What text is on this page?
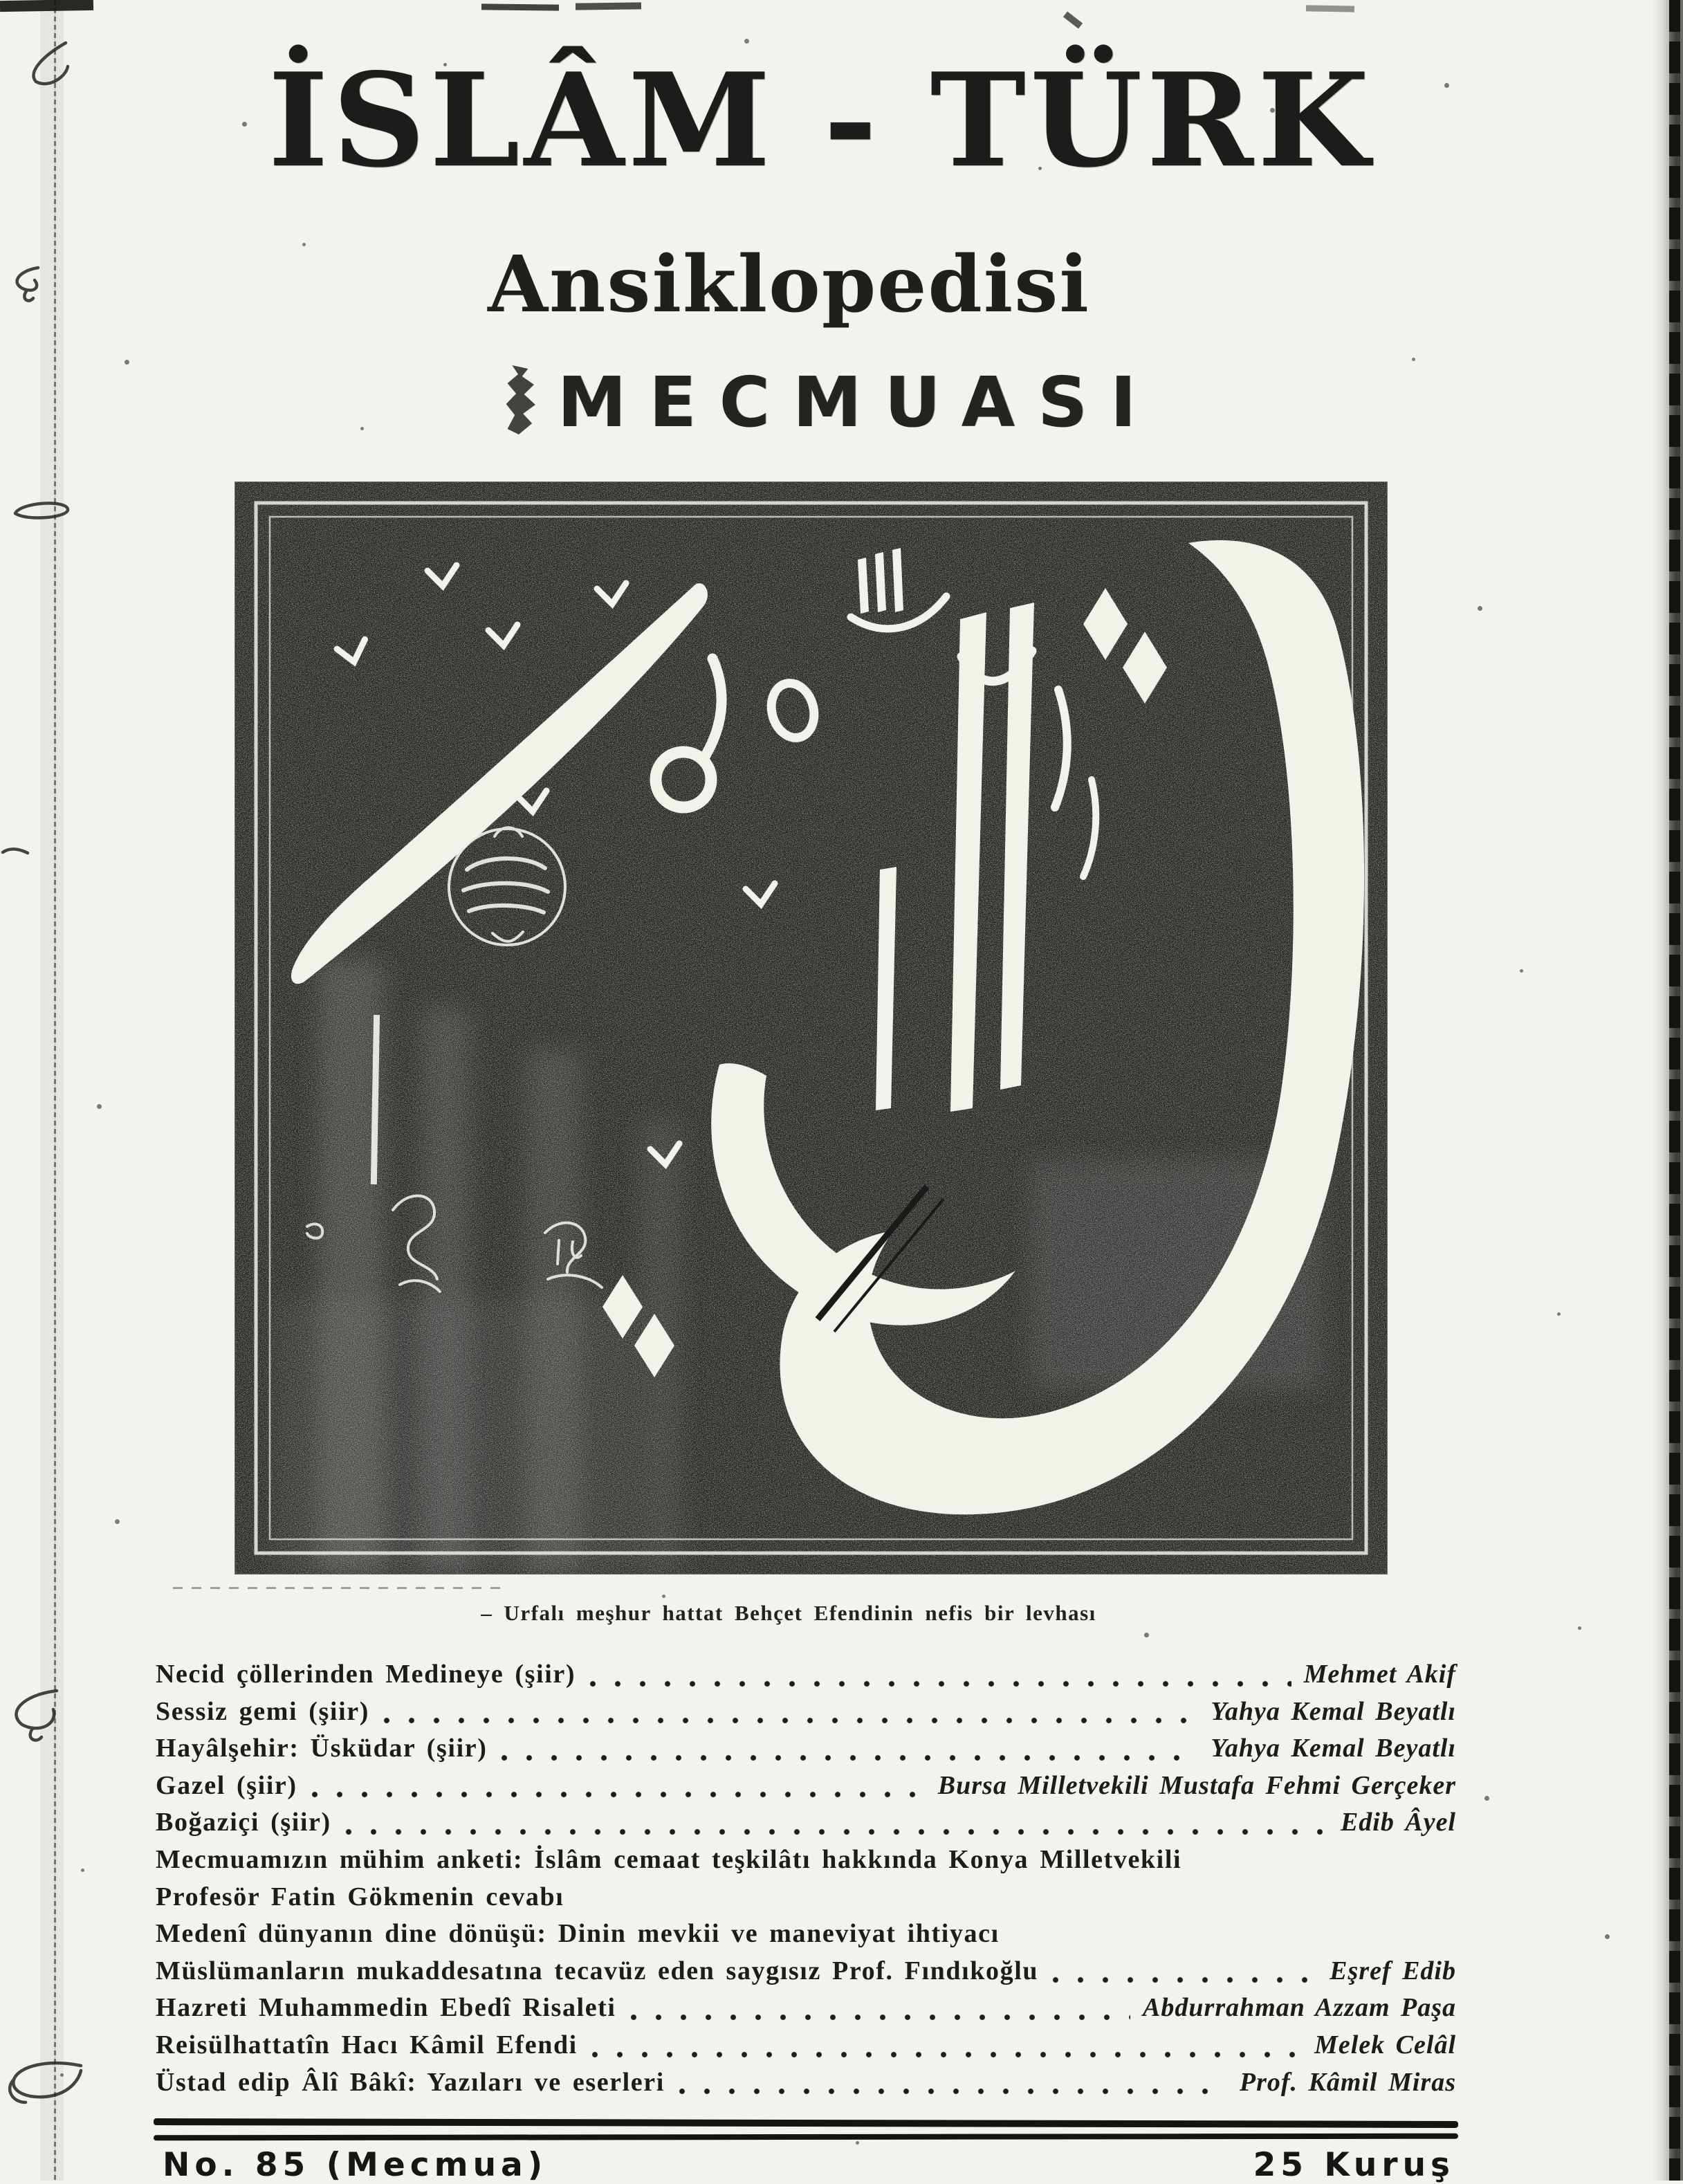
İSLÂM - TÜRK
Ansiklopedisi
MECMUASI
– Urfalı meşhur hattat Behçet Efendinin nefis bir levhası
Necid çöllerinden Medineye (şiir)	Mehmet Akif
Sessiz gemi (şiir)	Yahya Kemal Beyatlı
Hayâlşehir: Üsküdar (şiir)	Yahya Kemal Beyatlı
Gazel (şiir)	Bursa Milletvekili Mustafa Fehmi Gerçeker
Boğaziçi (şiir)	Edib Âyel
Mecmuamızın mühim anketi: İslâm cemaat teşkilâtı hakkında Konya Milletvekili
Profesör Fatin Gökmenin cevabı
Medenî dünyanın dine dönüşü: Dinin mevkii ve maneviyat ihtiyacı
Müslümanların mukaddesatına tecavüz eden saygısız Prof. Fındıkoğlu	Eşref Edib
Hazreti Muhammedin Ebedî Risaleti	Abdurrahman Azzam Paşa
Reisülhattatîn Hacı Kâmil Efendi	Melek Celâl
Üstad edip Âlî Bâkî: Yazıları ve eserleri	Prof. Kâmil Miras
No. 85 (Mecmua)	25 Kuruş
